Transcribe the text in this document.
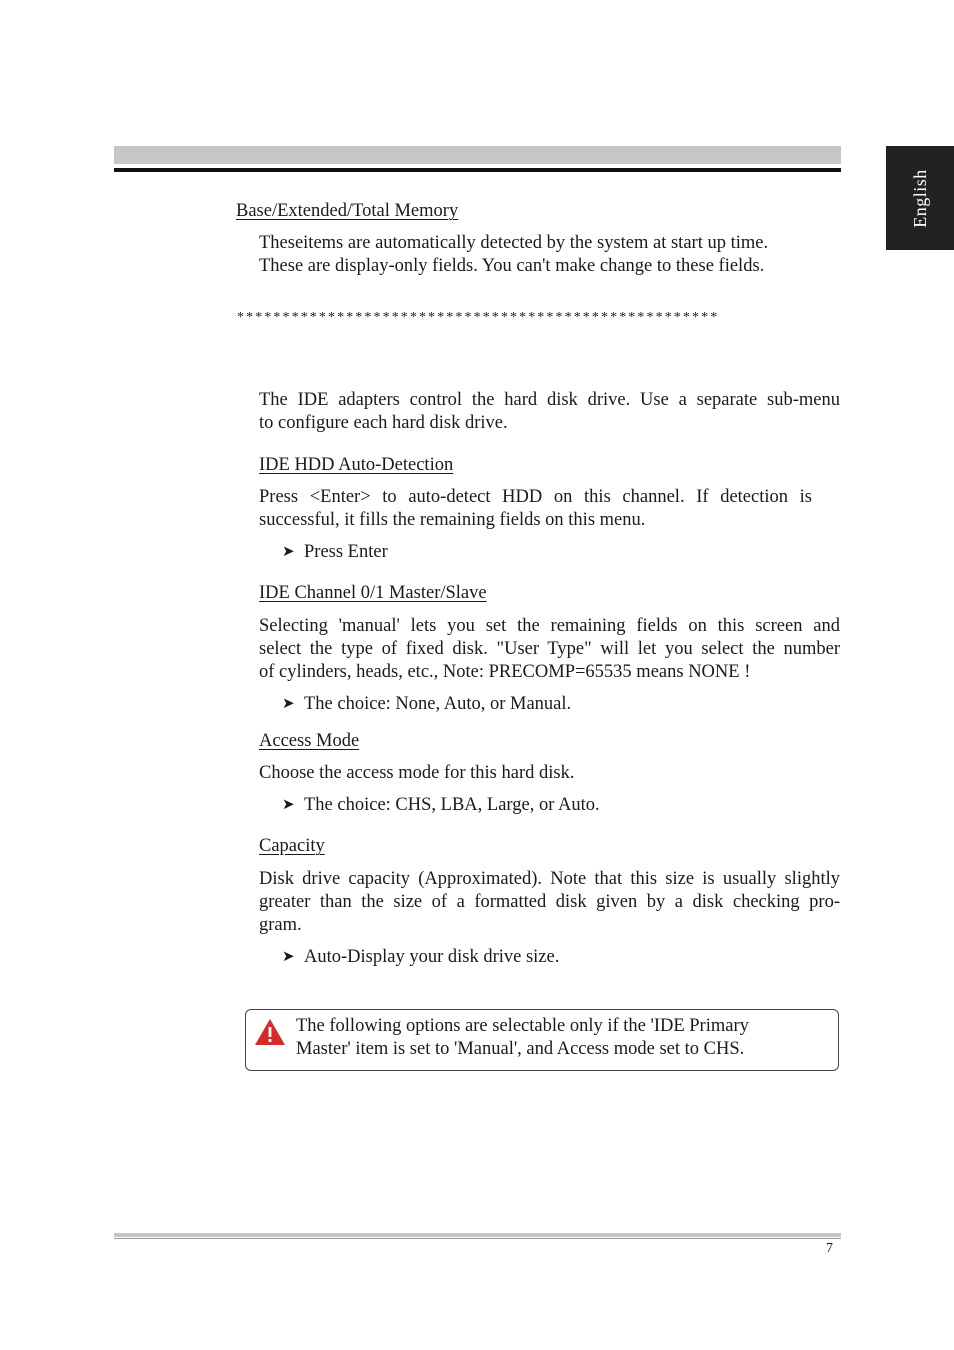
English
Base/Extended/Total Memory
Theseitems are automatically detected by the system at start up time.
These are display-only fields. You can't make change to these fields.
*****************************************************
The IDE adapters control the hard disk drive. Use a separate sub-menu
to configure each hard disk drive.
IDE HDD Auto-Detection
Press <Enter> to auto-detect HDD on this channel. If detection is
successful, it fills the remaining fields on this menu.
➤ Press Enter
IDE Channel 0/1 Master/Slave
Selecting 'manual' lets you set the remaining fields on this screen and
select the type of fixed disk. "User Type" will let you select the number
of cylinders, heads, etc., Note: PRECOMP=65535 means NONE !
➤ The choice: None, Auto, or Manual.
Access Mode
Choose the access mode for this hard disk.
➤ The choice: CHS, LBA, Large, or Auto.
Capacity
Disk drive capacity (Approximated). Note that this size is usually slightly
greater than the size of a formatted disk given by a disk checking pro-
gram.
➤ Auto-Display your disk drive size.
The following options are selectable only if the 'IDE Primary
Master' item is set to 'Manual', and Access mode set to CHS.
7
